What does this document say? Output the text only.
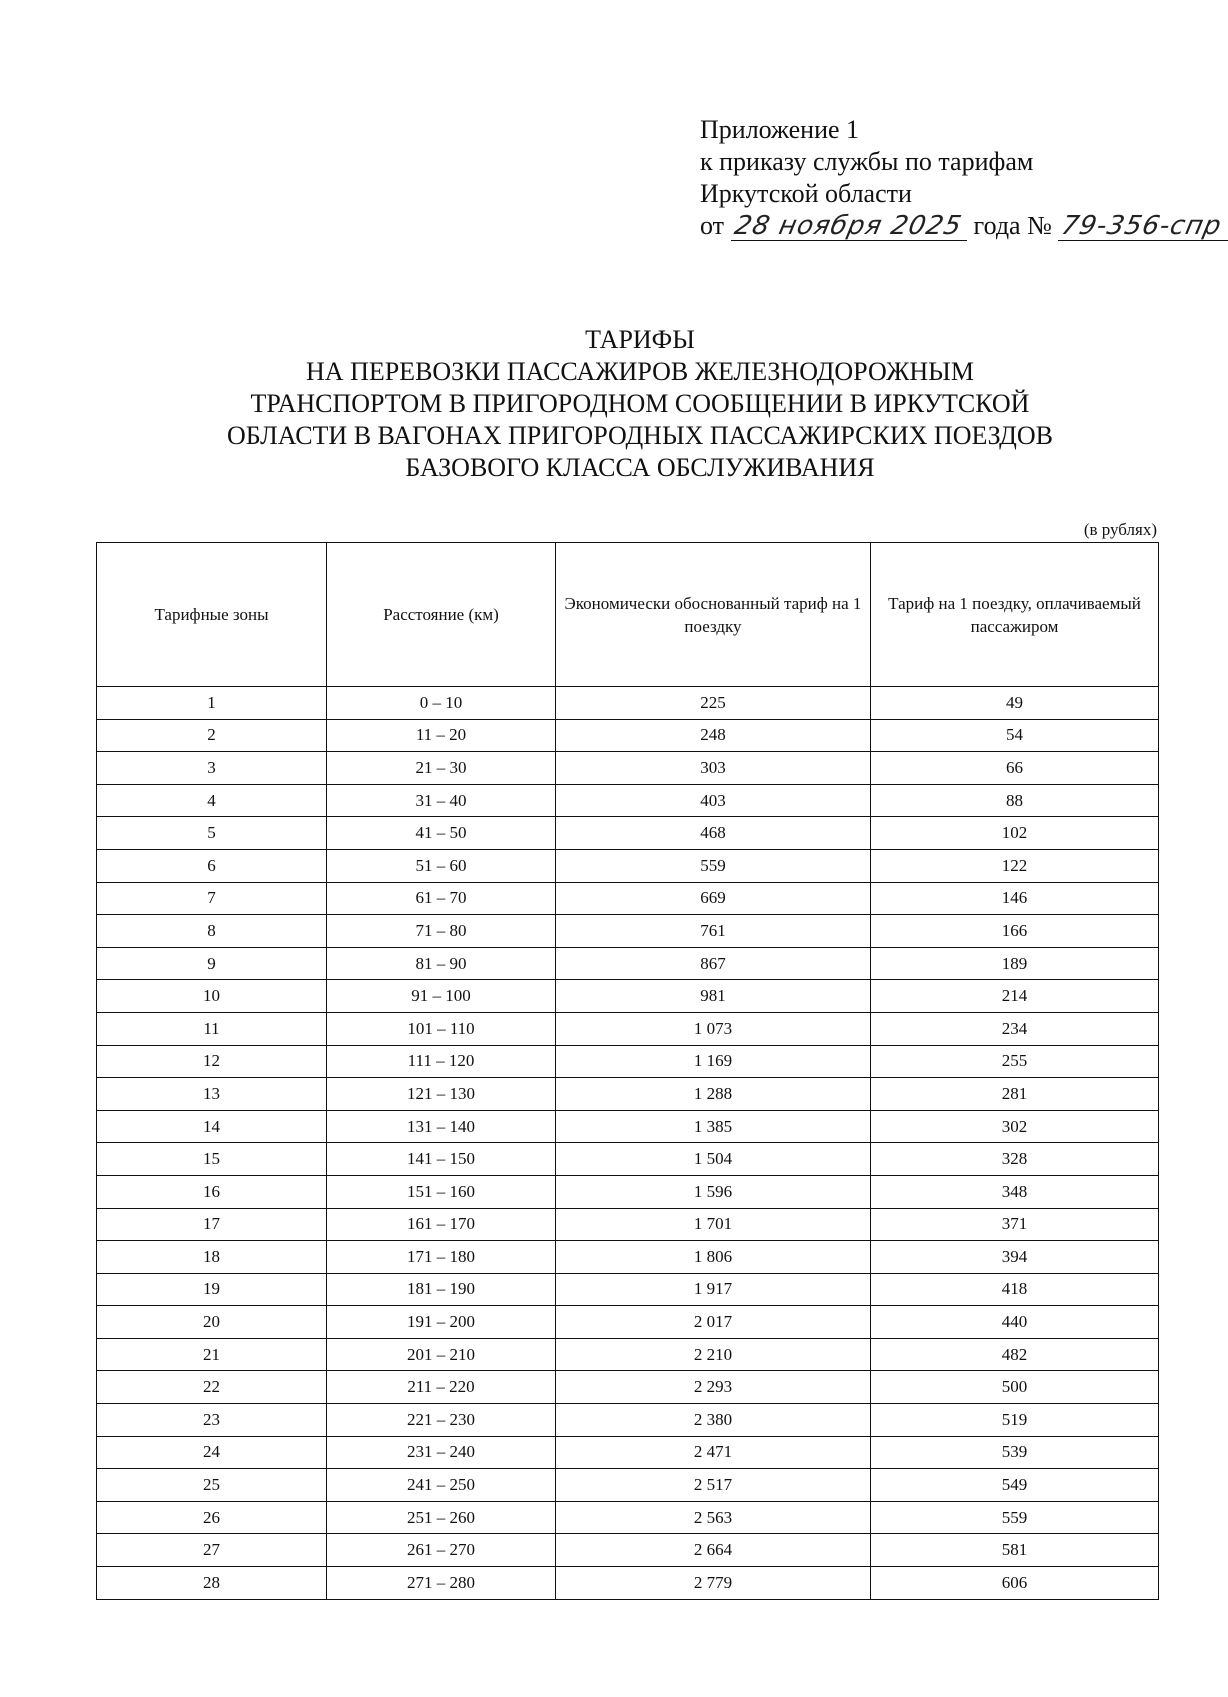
Приложение 1
к приказу службы по тарифам
Иркутской области
от 28 ноября 2025 года № 79-356-спр
ТАРИФЫ
НА ПЕРЕВОЗКИ ПАССАЖИРОВ ЖЕЛЕЗНОДОРОЖНЫМ
ТРАНСПОРТОМ В ПРИГОРОДНОМ СООБЩЕНИИ В ИРКУТСКОЙ
ОБЛАСТИ В ВАГОНАХ ПРИГОРОДНЫХ ПАССАЖИРСКИХ ПОЕЗДОВ
БАЗОВОГО КЛАССА ОБСЛУЖИВАНИЯ
(в рублях)
Тарифные зоны	Расстояние (км)	Экономически обоснованный тариф на 1 поездку	Тариф на 1 поездку, оплачиваемый пассажиром
1	0 – 10	225	49
2	11 – 20	248	54
3	21 – 30	303	66
4	31 – 40	403	88
5	41 – 50	468	102
6	51 – 60	559	122
7	61 – 70	669	146
8	71 – 80	761	166
9	81 – 90	867	189
10	91 – 100	981	214
11	101 – 110	1 073	234
12	111 – 120	1 169	255
13	121 – 130	1 288	281
14	131 – 140	1 385	302
15	141 – 150	1 504	328
16	151 – 160	1 596	348
17	161 – 170	1 701	371
18	171 – 180	1 806	394
19	181 – 190	1 917	418
20	191 – 200	2 017	440
21	201 – 210	2 210	482
22	211 – 220	2 293	500
23	221 – 230	2 380	519
24	231 – 240	2 471	539
25	241 – 250	2 517	549
26	251 – 260	2 563	559
27	261 – 270	2 664	581
28	271 – 280	2 779	606
